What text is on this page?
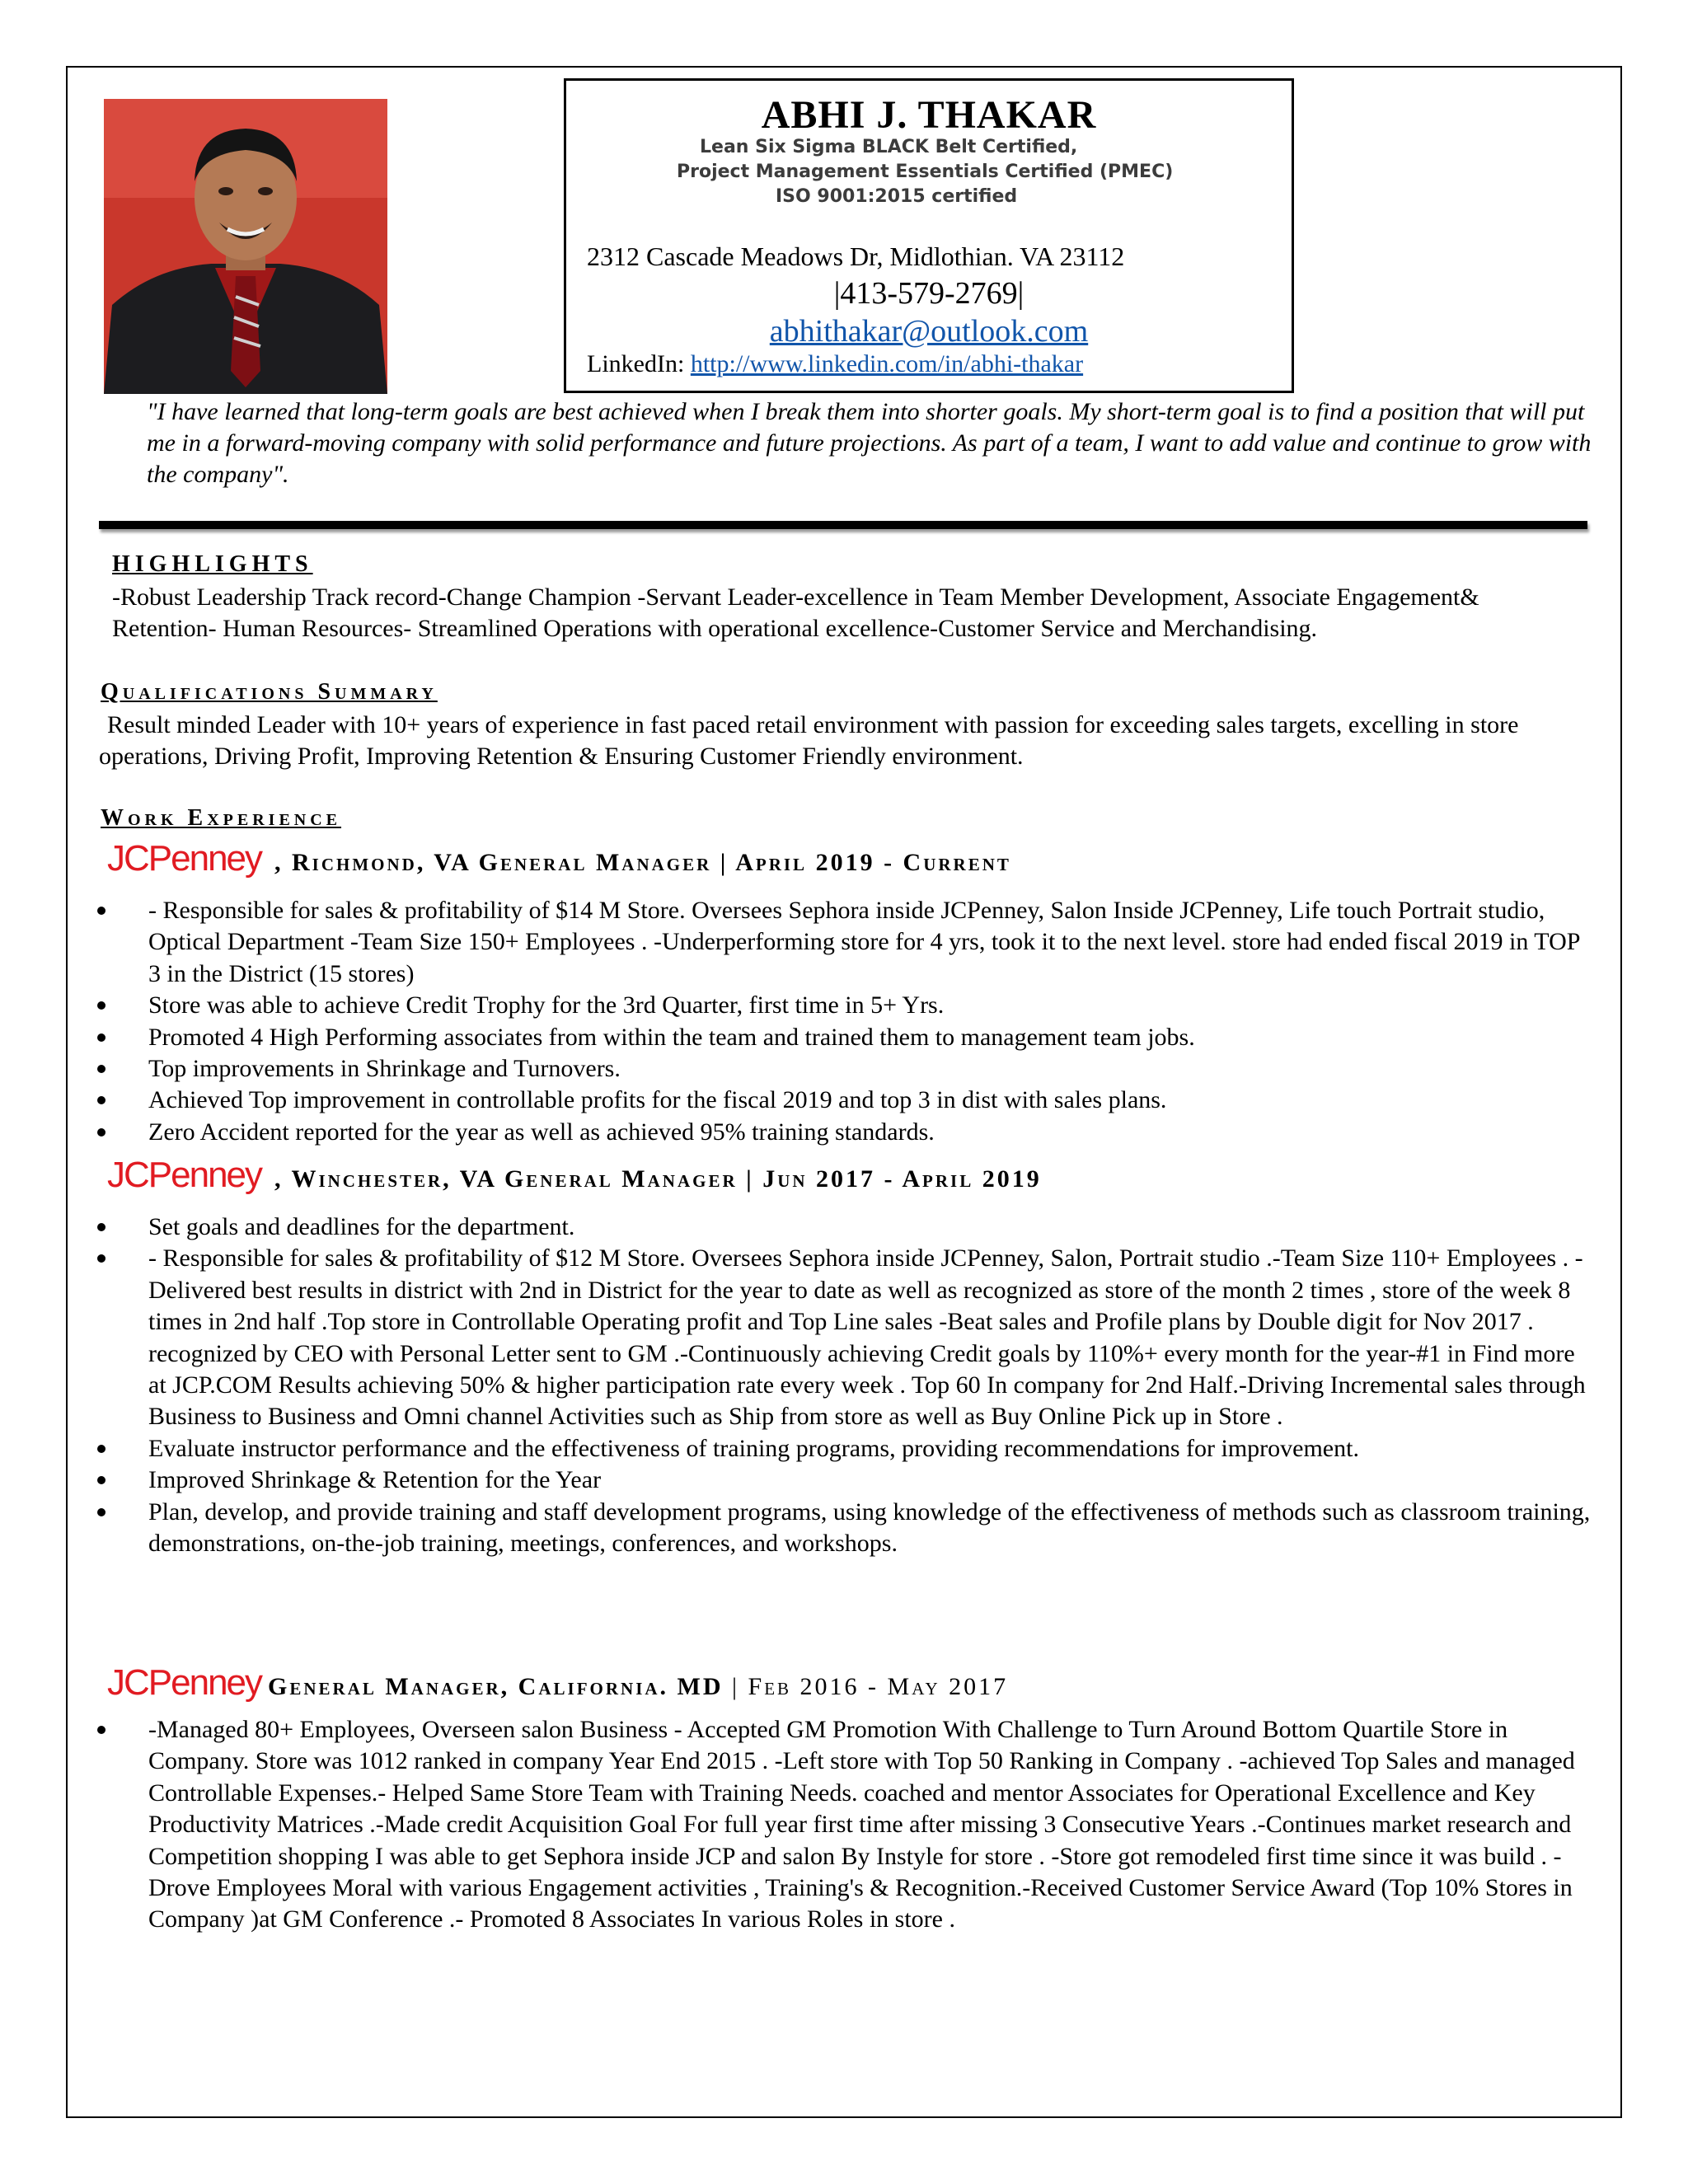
ABHI J. THAKAR
Lean Six Sigma BLACK Belt Certified,
Project Management Essentials Certified (PMEC)
ISO 9001:2015 certified
2312 Cascade Meadows Dr, Midlothian. VA 23112
|413-579-2769|
abhithakar@outlook.com
LinkedIn: http://www.linkedin.com/in/abhi-thakar
"I have learned that long-term goals are best achieved when I break them into shorter goals. My short-term goal is to find a position that will put me in a forward-moving company with solid performance and future projections. As part of a team, I want to add value and continue to grow with the company".
HIGHLIGHTS
-Robust Leadership Track record-Change Champion -Servant Leader-excellence in Team Member Development, Associate Engagement& Retention- Human Resources- Streamlined Operations with operational excellence-Customer Service and Merchandising.
Qualifications Summary
Result minded Leader with 10+ years of experience in fast paced retail environment with passion for exceeding sales targets, excelling in store operations, Driving Profit, Improving Retention & Ensuring Customer Friendly environment.
Work Experience
JCPenney , Richmond, VA General Manager | April 2019 - Current
- Responsible for sales & profitability of $14 M Store. Oversees Sephora inside JCPenney, Salon Inside JCPenney, Life touch Portrait studio, Optical Department -Team Size 150+ Employees . -Underperforming store for 4 yrs, took it to the next level. store had ended fiscal 2019 in TOP 3 in the District (15 stores)
Store was able to achieve Credit Trophy for the 3rd Quarter, first time in 5+ Yrs.
Promoted 4 High Performing associates from within the team and trained them to management team jobs.
Top improvements in Shrinkage and Turnovers.
Achieved Top improvement in controllable profits for the fiscal 2019 and top 3 in dist with sales plans.
Zero Accident reported for the year as well as achieved 95% training standards.
JCPenney , Winchester, VA General Manager | Jun 2017 - April 2019
Set goals and deadlines for the department.
- Responsible for sales & profitability of $12 M Store. Oversees Sephora inside JCPenney, Salon, Portrait studio .-Team Size 110+ Employees . -Delivered best results in district with 2nd in District for the year to date as well as recognized as store of the month 2 times , store of the week 8 times in 2nd half .Top store in Controllable Operating profit and Top Line sales -Beat sales and Profile plans by Double digit for Nov 2017 . recognized by CEO with Personal Letter sent to GM .-Continuously achieving Credit goals by 110%+ every month for the year-#1 in Find more at JCP.COM Results achieving 50% & higher participation rate every week . Top 60 In company for 2nd Half.-Driving Incremental sales through Business to Business and Omni channel Activities such as Ship from store as well as Buy Online Pick up in Store .
Evaluate instructor performance and the effectiveness of training programs, providing recommendations for improvement.
Improved Shrinkage & Retention for the Year
Plan, develop, and provide training and staff development programs, using knowledge of the effectiveness of methods such as classroom training, demonstrations, on-the-job training, meetings, conferences, and workshops.
JCPenney General Manager, California. MD | Feb 2016 - May 2017
-Managed 80+ Employees, Overseen salon Business - Accepted GM Promotion With Challenge to Turn Around Bottom Quartile Store in Company. Store was 1012 ranked in company Year End 2015 . -Left store with Top 50 Ranking in Company . -achieved Top Sales and managed Controllable Expenses.- Helped Same Store Team with Training Needs. coached and mentor Associates for Operational Excellence and Key Productivity Matrices .-Made credit Acquisition Goal For full year first time after missing 3 Consecutive Years .-Continues market research and Competition shopping I was able to get Sephora inside JCP and salon By Instyle for store . -Store got remodeled first time since it was build . -Drove Employees Moral with various Engagement activities , Training's & Recognition.-Received Customer Service Award (Top 10% Stores in Company )at GM Conference .- Promoted 8 Associates In various Roles in store .
